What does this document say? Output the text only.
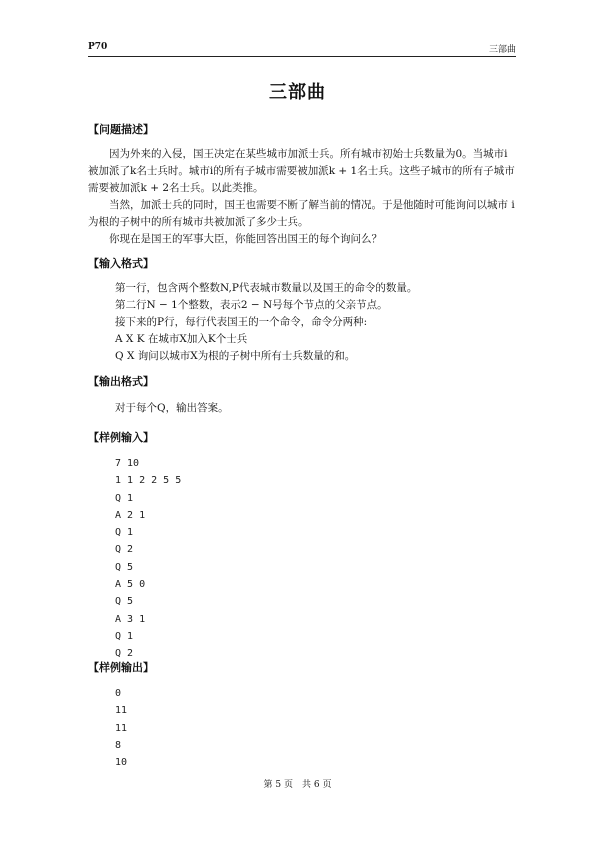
P70	三部曲
三部曲
【问题描述】

因为外来的入侵，国王决定在某些城市加派士兵。所有城市初始士兵数量为0。当城市i被加派了k名士兵时。城市i的所有子城市需要被加派k + 1名士兵。这些子城市的所有子城市需要被加派k + 2名士兵。以此类推。

当然，加派士兵的同时，国王也需要不断了解当前的情况。于是他随时可能询问以城市 i 为根的子树中的所有城市共被加派了多少士兵。

你现在是国王的军事大臣，你能回答出国王的每个询问么？

【输入格式】
第一行，包含两个整数N,P代表城市数量以及国王的命令的数量。
第二行N − 1个整数，表示2 − N号每个节点的父亲节点。
接下来的P行，每行代表国王的一个命令，命令分两种:
A X K 在城市X加入K个士兵
Q X 询问以城市X为根的子树中所有士兵数量的和。
【输出格式】
对于每个Q，输出答案。
【样例输入】
7 10
1 1 2 2 5 5
Q 1
A 2 1
Q 1
Q 2
Q 5
A 5 0
Q 5
A 3 1
Q 1
Q 2
【样例输出】
0
11
11
8
10
第 5 页　共 6 页
